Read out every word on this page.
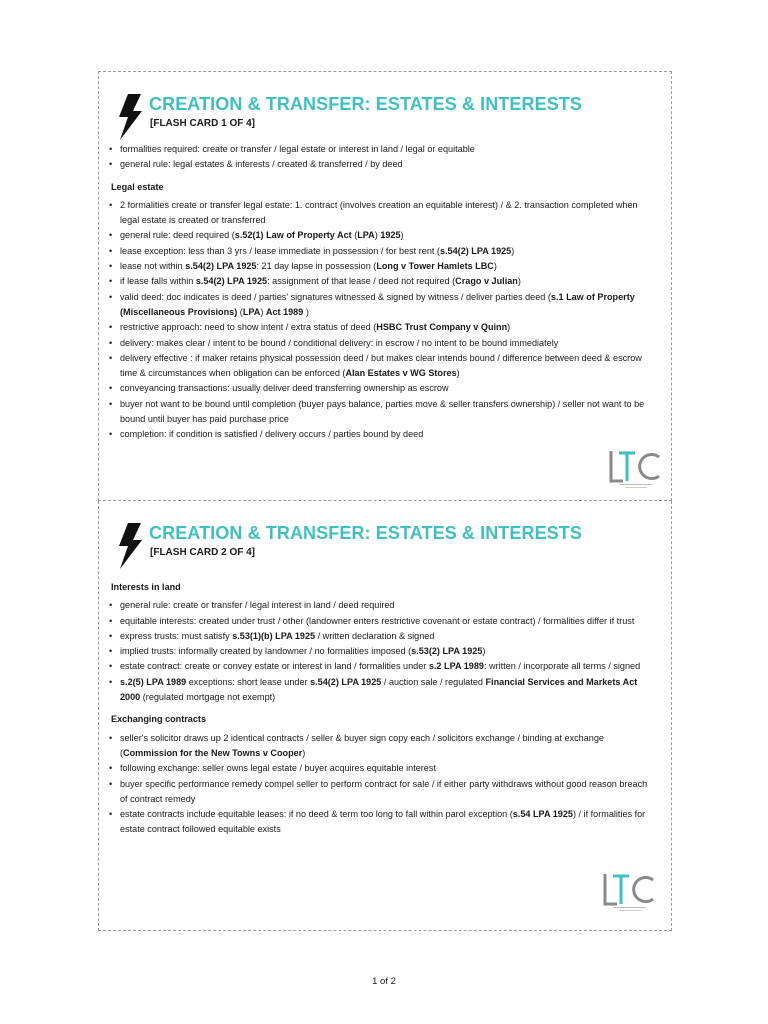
CREATION & TRANSFER: ESTATES & INTERESTS
[FLASH CARD 1 OF 4]
• formalities required: create or transfer / legal estate or interest in land / legal or equitable
• general rule: legal estates & interests / created & transferred / by deed
Legal estate
• 2 formalities create or transfer legal estate: 1. contract (involves creation an equitable interest) / & 2. transaction completed when legal estate is created or transferred
• general rule: deed required (s.52(1) Law of Property Act (LPA) 1925)
• lease exception: less than 3 yrs / lease immediate in possession / for best rent (s.54(2) LPA 1925)
• lease not within s.54(2) LPA 1925: 21 day lapse in possession (Long v Tower Hamlets LBC)
• if lease falls within s.54(2) LPA 1925: assignment of that lease / deed not required (Crago v Julian)
• valid deed: doc indicates is deed / parties' signatures witnessed & signed by witness / deliver parties deed (s.1 Law of Property (Miscellaneous Provisions) (LPA) Act 1989 )
• restrictive approach: need to show intent / extra status of deed (HSBC Trust Company v Quinn)
• delivery: makes clear / intent to be bound / conditional delivery: in escrow / no intent to be bound immediately
• delivery effective : if maker retains physical possession deed / but makes clear intends bound / difference between deed & escrow time & circumstances when obligation can be enforced (Alan Estates v WG Stores)
• conveyancing transactions: usually deliver deed transferring ownership as escrow
• buyer not want to be bound until completion (buyer pays balance, parties move & seller transfers ownership) / seller not want to be bound until buyer has paid purchase price
• completion: if condition is satisfied / delivery occurs / parties bound by deed
CREATION & TRANSFER: ESTATES & INTERESTS
[FLASH CARD 2 OF 4]
Interests in land
• general rule: create or transfer / legal interest in land / deed required
• equitable interests: created under trust / other (landowner enters restrictive covenant or estate contract) / formalities differ if trust
• express trusts: must satisfy s.53(1)(b) LPA 1925 / written declaration & signed
• implied trusts: informally created by landowner / no formalities imposed (s.53(2) LPA 1925)
• estate contract: create or convey estate or interest in land / formalities under s.2 LPA 1989: written / incorporate all terms / signed
• s.2(5) LPA 1989 exceptions: short lease under s.54(2) LPA 1925 / auction sale / regulated Financial Services and Markets Act 2000 (regulated mortgage not exempt)
Exchanging contracts
• seller's solicitor draws up 2 identical contracts / seller & buyer sign copy each / solicitors exchange / binding at exchange (Commission for the New Towns v Cooper)
• following exchange: seller owns legal estate / buyer acquires equitable interest
• buyer specific performance remedy compel seller to perform contract for sale / if either party withdraws without good reason breach of contract remedy
• estate contracts include equitable leases: if no deed & term too long to fall within parol exception (s.54 LPA 1925) / if formalities for estate contract followed equitable exists
1 of 2
